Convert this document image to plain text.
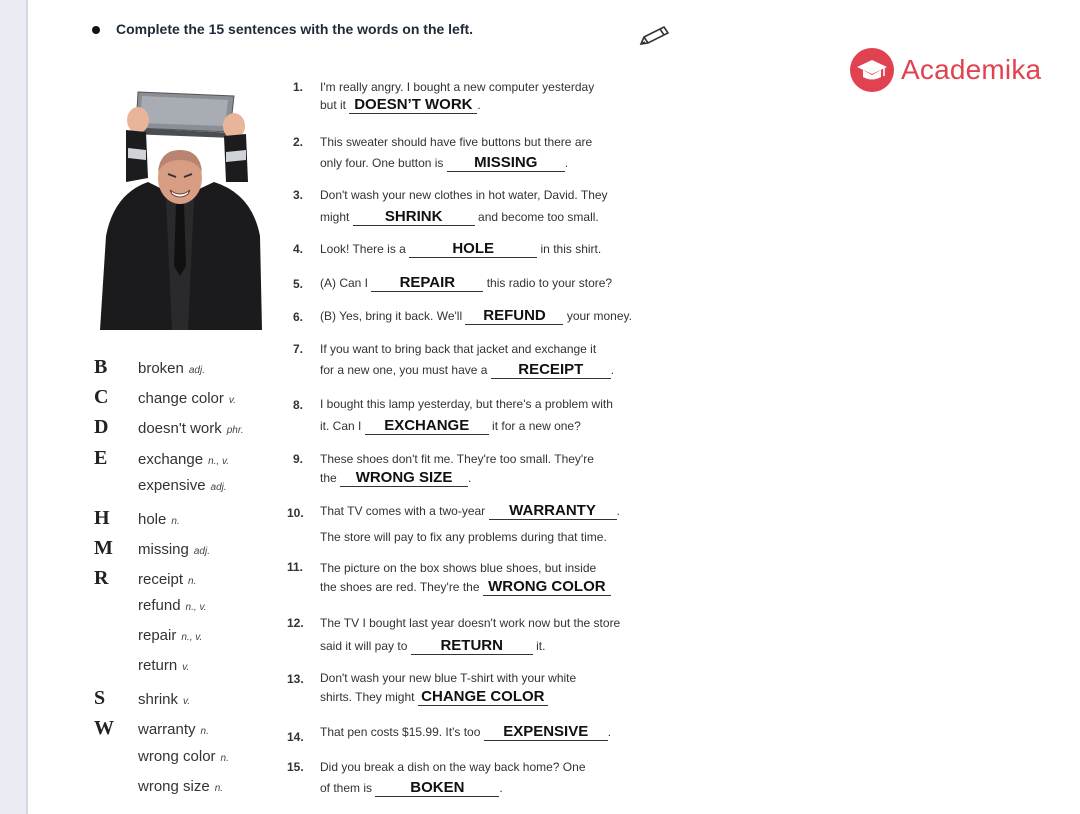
Complete the 15 sentences with the words on the left.
Academika
B	broken adj.
C	change color v.
D	doesn't work phr.
E	exchange n., v.
expensive adj.
H	hole n.
M	missing adj.
R	receipt n.
refund n., v.
repair n., v.
return v.
S	shrink v.
W	warranty n.
wrong color n.
wrong size n.
1. I'm really angry. I bought a new computer yesterday
but it DOESN’T WORK .
2. This sweater should have five buttons but there are
only four. One button is MISSING .
3. Don't wash your new clothes in hot water, David. They
might SHRINK	and become too small.
4. Look! There is a	HOLE	in this shirt.
5. (A) Can I REPAIR	this radio to your store?
6. (B) Yes, bring it back. We'll REFUND your money.
7. If you want to bring back that jacket and exchange it
for a new one, you must have a RECEIPT .
8. I bought this lamp yesterday, but there's a problem with
it. Can I EXCHANGE it for a new one?
9. These shoes don't fit me. They're too small. They're
the WRONG SIZE .
10. That TV comes with a two-year WARRANTY .
The store will pay to fix any problems during that time.
11. The picture on the box shows blue shoes, but inside
the shoes are red. They're the WRONG COLOR
12. The TV I bought last year doesn't work now but the store
said it will pay to RETURN	it.
13. Don't wash your new blue T-shirt with your white
shirts. They might CHANGE COLOR
14. That pen costs $15.99. It's too EXPENSIVE .
15. Did you break a dish on the way back home? One
of them is	BOKEN	.
